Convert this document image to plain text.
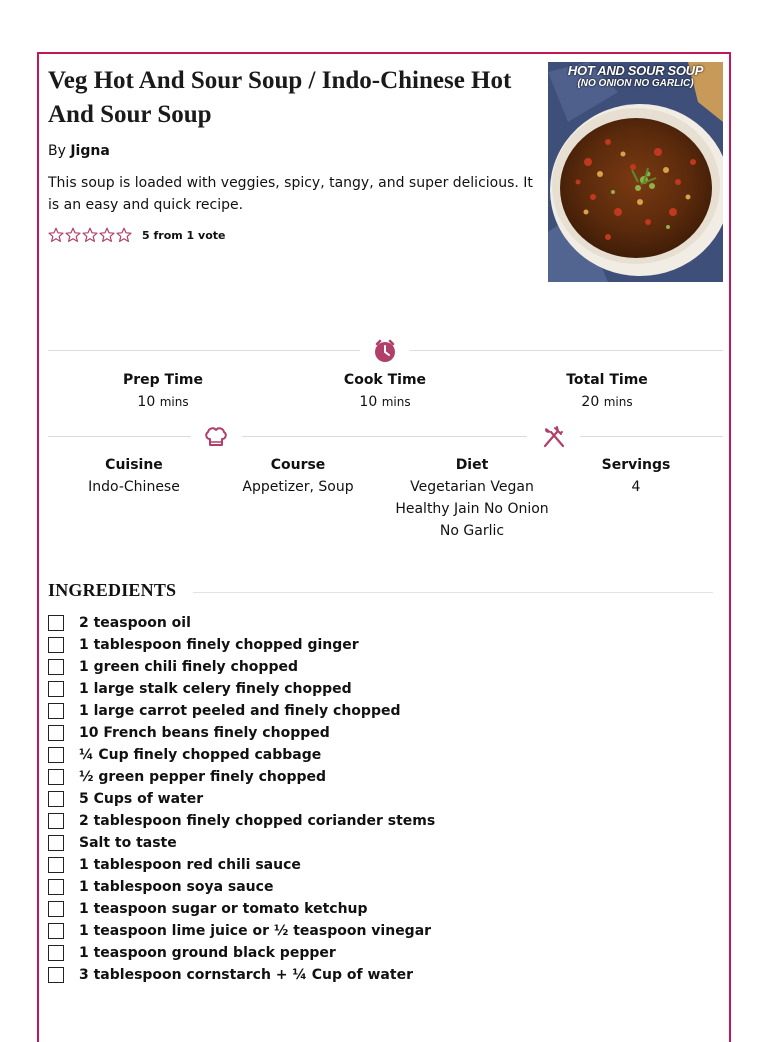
Veg Hot And Sour Soup / Indo-Chinese Hot And Sour Soup
By Jigna

This soup is loaded with veggies, spicy, tangy, and super delicious. It is an easy and quick recipe.

5 from 1 vote
HOT AND SOUR SOUP
(NO ONION NO GARLIC)
Prep Time
10 mins
Cook Time
10 mins
Total Time
20 mins
Cuisine
Indo-Chinese
Course
Appetizer, Soup
Diet
Vegetarian Vegan
Healthy Jain No Onion
No Garlic
Servings
4
INGREDIENTS
2 teaspoon oil
1 tablespoon finely chopped ginger
1 green chili finely chopped
1 large stalk celery finely chopped
1 large carrot peeled and finely chopped
10 French beans finely chopped
¼ Cup finely chopped cabbage
½ green pepper finely chopped
5 Cups of water
2 tablespoon finely chopped coriander stems
Salt to taste
1 tablespoon red chili sauce
1 tablespoon soya sauce
1 teaspoon sugar or tomato ketchup
1 teaspoon lime juice or ½ teaspoon vinegar
1 teaspoon ground black pepper
3 tablespoon cornstarch + ¼ Cup of water
